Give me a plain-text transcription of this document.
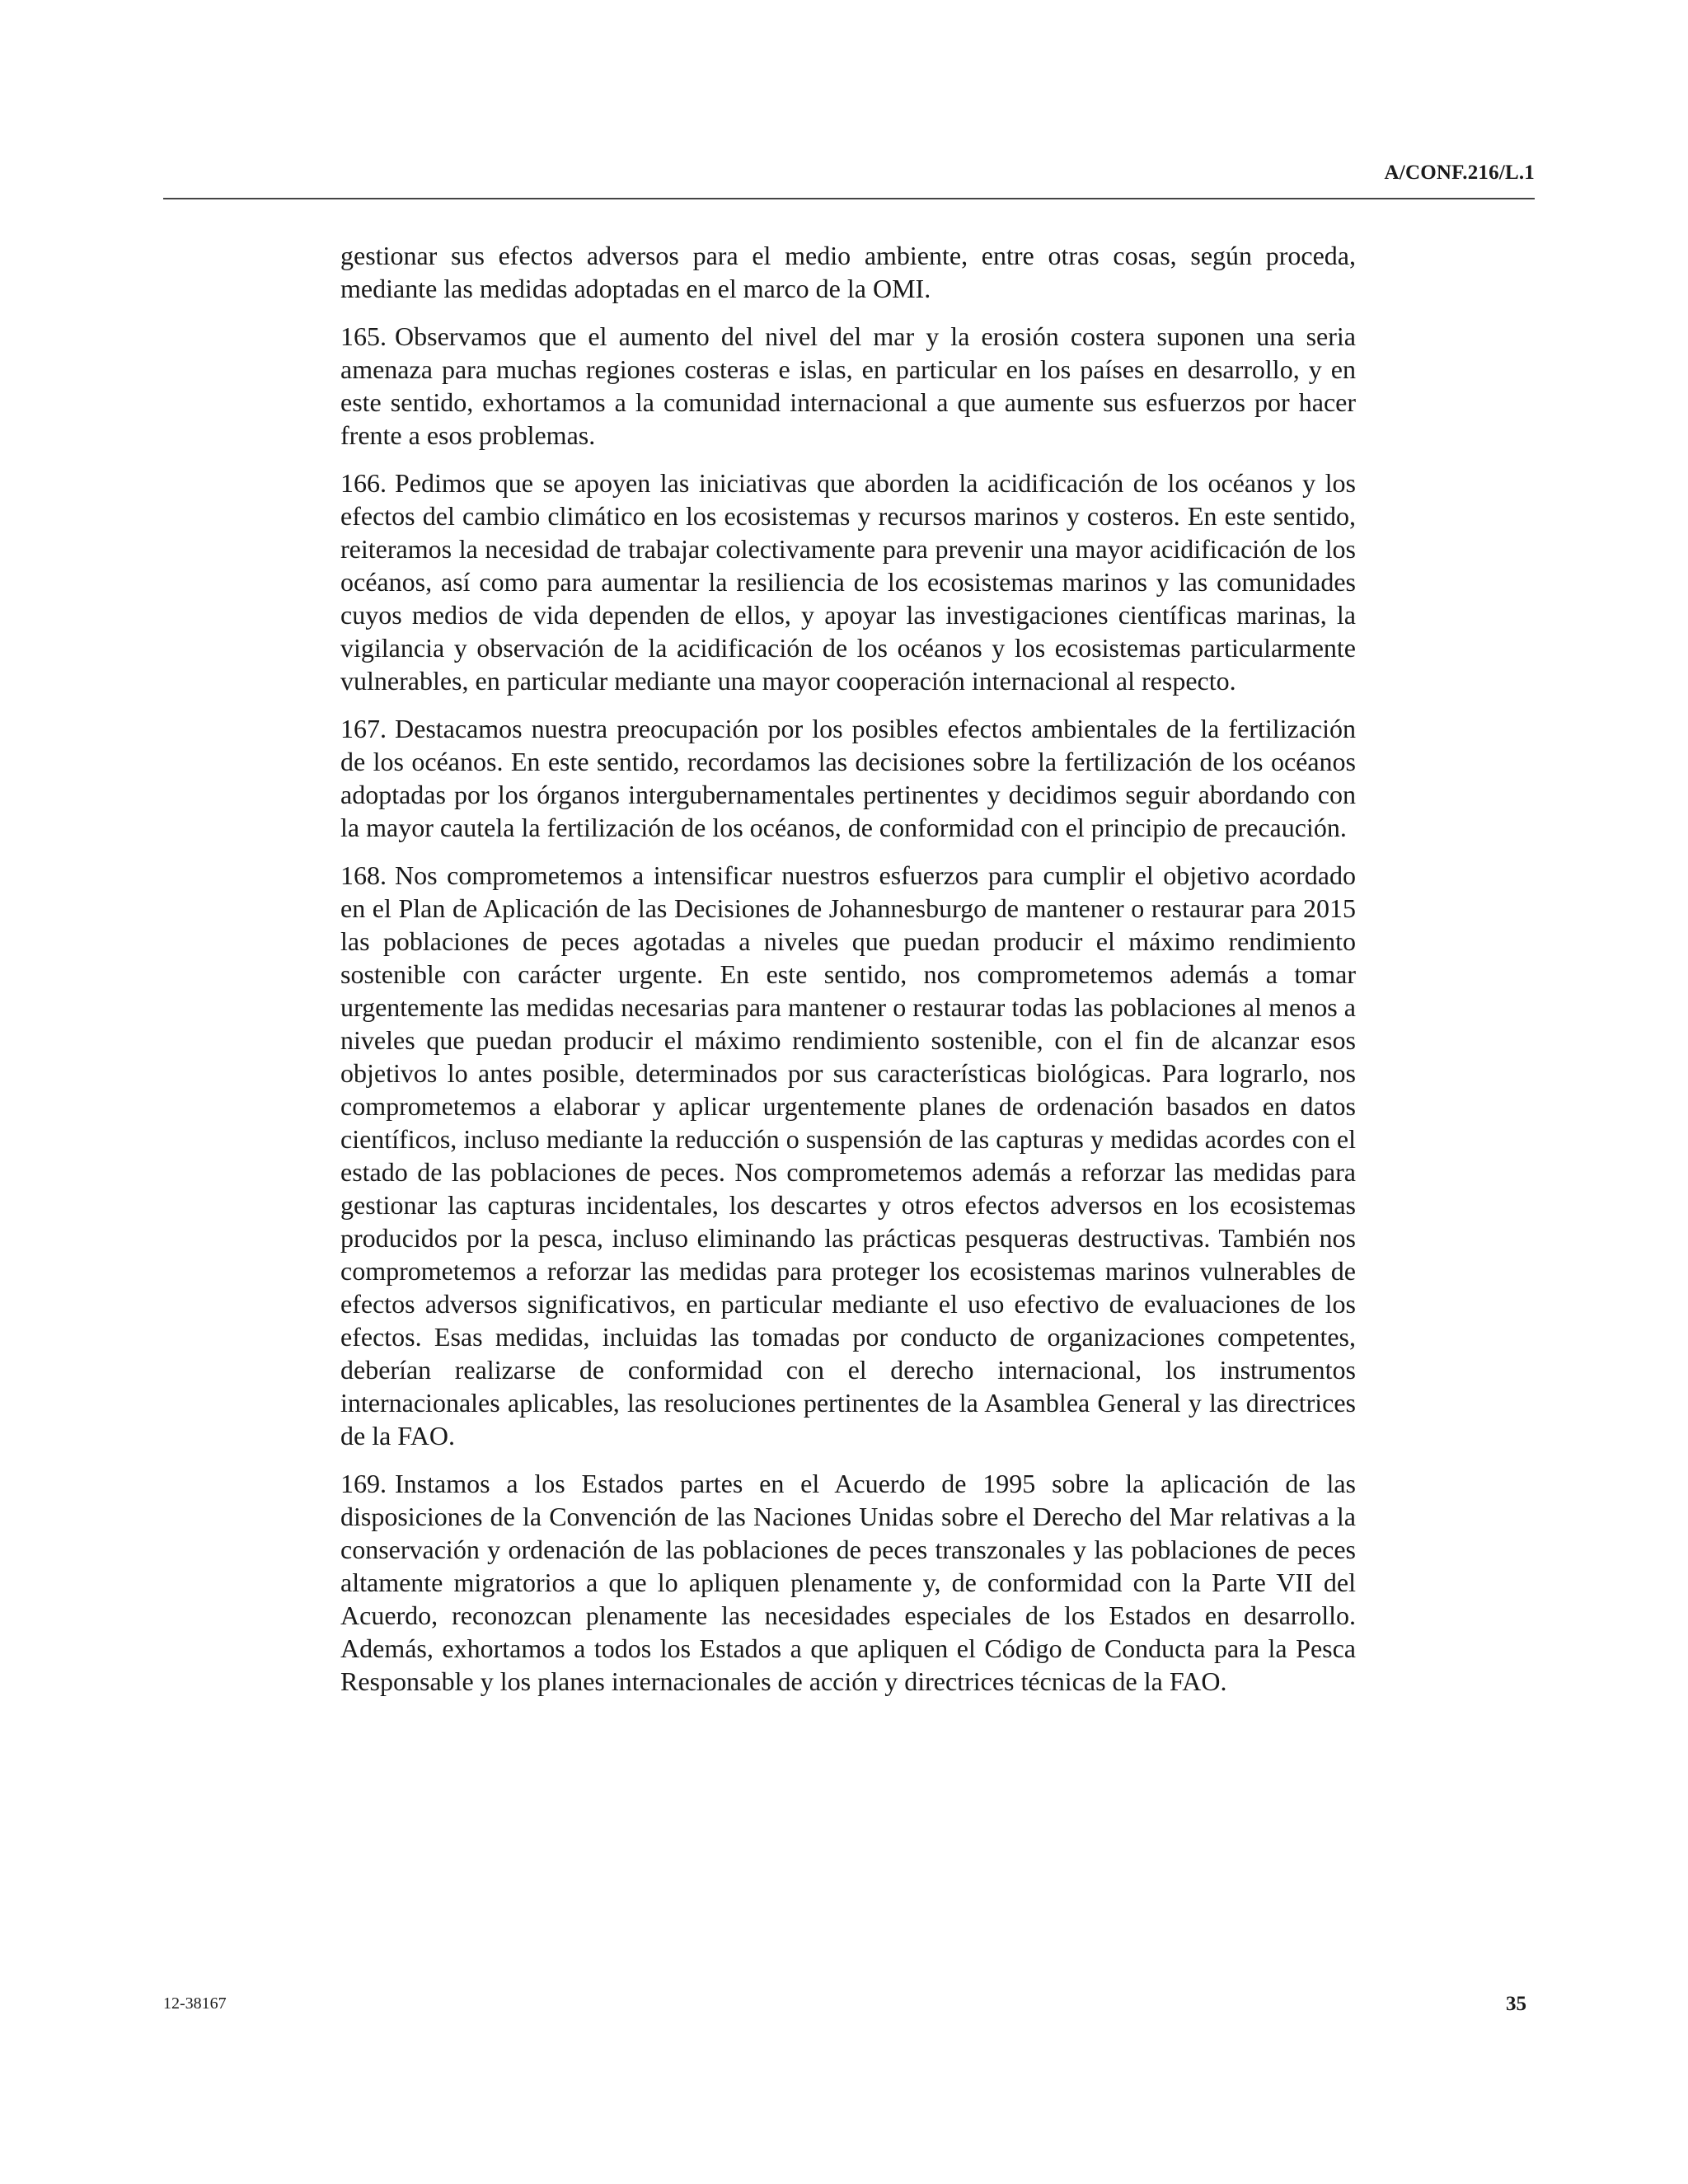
A/CONF.216/L.1

gestionar sus efectos adversos para el medio ambiente, entre otras cosas, según proceda, mediante las medidas adoptadas en el marco de la OMI.

165. Observamos que el aumento del nivel del mar y la erosión costera suponen una seria amenaza para muchas regiones costeras e islas, en particular en los países en desarrollo, y en este sentido, exhortamos a la comunidad internacional a que aumente sus esfuerzos por hacer frente a esos problemas.

166. Pedimos que se apoyen las iniciativas que aborden la acidificación de los océanos y los efectos del cambio climático en los ecosistemas y recursos marinos y costeros. En este sentido, reiteramos la necesidad de trabajar colectivamente para prevenir una mayor acidificación de los océanos, así como para aumentar la resiliencia de los ecosistemas marinos y las comunidades cuyos medios de vida dependen de ellos, y apoyar las investigaciones científicas marinas, la vigilancia y observación de la acidificación de los océanos y los ecosistemas particularmente vulnerables, en particular mediante una mayor cooperación internacional al respecto.

167. Destacamos nuestra preocupación por los posibles efectos ambientales de la fertilización de los océanos. En este sentido, recordamos las decisiones sobre la fertilización de los océanos adoptadas por los órganos intergubernamentales pertinentes y decidimos seguir abordando con la mayor cautela la fertilización de los océanos, de conformidad con el principio de precaución.

168. Nos comprometemos a intensificar nuestros esfuerzos para cumplir el objetivo acordado en el Plan de Aplicación de las Decisiones de Johannesburgo de mantener o restaurar para 2015 las poblaciones de peces agotadas a niveles que puedan producir el máximo rendimiento sostenible con carácter urgente. En este sentido, nos comprometemos además a tomar urgentemente las medidas necesarias para mantener o restaurar todas las poblaciones al menos a niveles que puedan producir el máximo rendimiento sostenible, con el fin de alcanzar esos objetivos lo antes posible, determinados por sus características biológicas. Para lograrlo, nos comprometemos a elaborar y aplicar urgentemente planes de ordenación basados en datos científicos, incluso mediante la reducción o suspensión de las capturas y medidas acordes con el estado de las poblaciones de peces. Nos comprometemos además a reforzar las medidas para gestionar las capturas incidentales, los descartes y otros efectos adversos en los ecosistemas producidos por la pesca, incluso eliminando las prácticas pesqueras destructivas. También nos comprometemos a reforzar las medidas para proteger los ecosistemas marinos vulnerables de efectos adversos significativos, en particular mediante el uso efectivo de evaluaciones de los efectos. Esas medidas, incluidas las tomadas por conducto de organizaciones competentes, deberían realizarse de conformidad con el derecho internacional, los instrumentos internacionales aplicables, las resoluciones pertinentes de la Asamblea General y las directrices de la FAO.

169. Instamos a los Estados partes en el Acuerdo de 1995 sobre la aplicación de las disposiciones de la Convención de las Naciones Unidas sobre el Derecho del Mar relativas a la conservación y ordenación de las poblaciones de peces transzonales y las poblaciones de peces altamente migratorios a que lo apliquen plenamente y, de conformidad con la Parte VII del Acuerdo, reconozcan plenamente las necesidades especiales de los Estados en desarrollo. Además, exhortamos a todos los Estados a que apliquen el Código de Conducta para la Pesca Responsable y los planes internacionales de acción y directrices técnicas de la FAO.

12-38167	35
